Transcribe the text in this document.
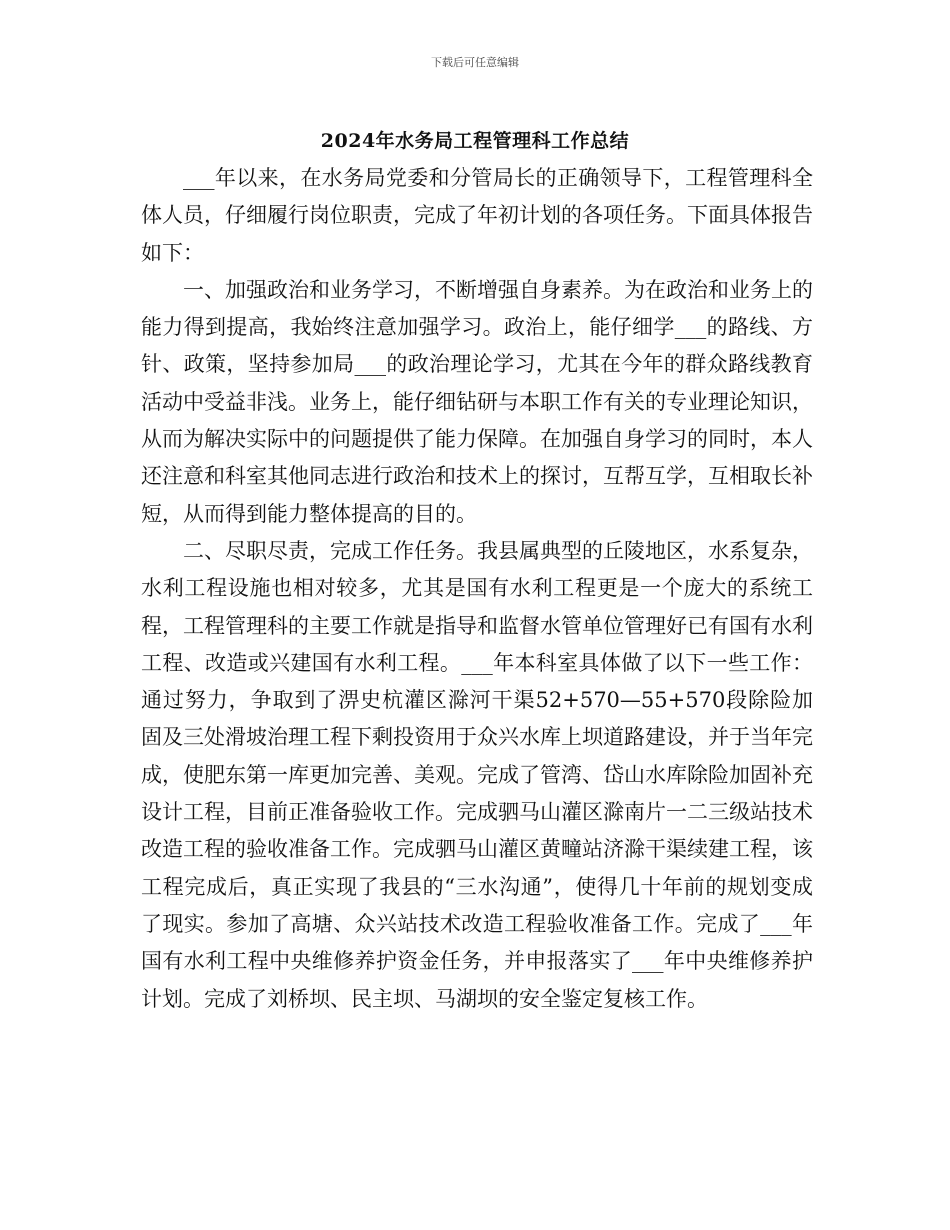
下载后可任意编辑
2024年水务局工程管理科工作总结

___年以来，在水务局党委和分管局长的正确领导下，工程管理科全体人员，仔细履行岗位职责，完成了年初计划的各项任务。下面具体报告如下：

一、加强政治和业务学习，不断增强自身素养。为在政治和业务上的能力得到提高，我始终注意加强学习。政治上，能仔细学___的路线、方针、政策，坚持参加局___的政治理论学习，尤其在今年的群众路线教育活动中受益非浅。业务上，能仔细钻研与本职工作有关的专业理论知识，从而为解决实际中的问题提供了能力保障。在加强自身学习的同时，本人还注意和科室其他同志进行政治和技术上的探讨，互帮互学，互相取长补短，从而得到能力整体提高的目的。

二、尽职尽责，完成工作任务。我县属典型的丘陵地区，水系复杂，水利工程设施也相对较多，尤其是国有水利工程更是一个庞大的系统工程，工程管理科的主要工作就是指导和监督水管单位管理好已有国有水利工程、改造或兴建国有水利工程。___年本科室具体做了以下一些工作：通过努力，争取到了淠史杭灌区滁河干渠52+570—55+570段除险加固及三处滑坡治理工程下剩投资用于众兴水库上坝道路建设，并于当年完成，使肥东第一库更加完善、美观。完成了管湾、岱山水库除险加固补充设计工程，目前正准备验收工作。完成驷马山灌区滁南片一二三级站技术改造工程的验收准备工作。完成驷马山灌区黄疃站济滁干渠续建工程，该工程完成后，真正实现了我县的“三水沟通”，使得几十年前的规划变成了现实。参加了高塘、众兴站技术改造工程验收准备工作。完成了___年国有水利工程中央维修养护资金任务，并申报落实了___年中央维修养护计划。完成了刘桥坝、民主坝、马湖坝的安全鉴定复核工作。
